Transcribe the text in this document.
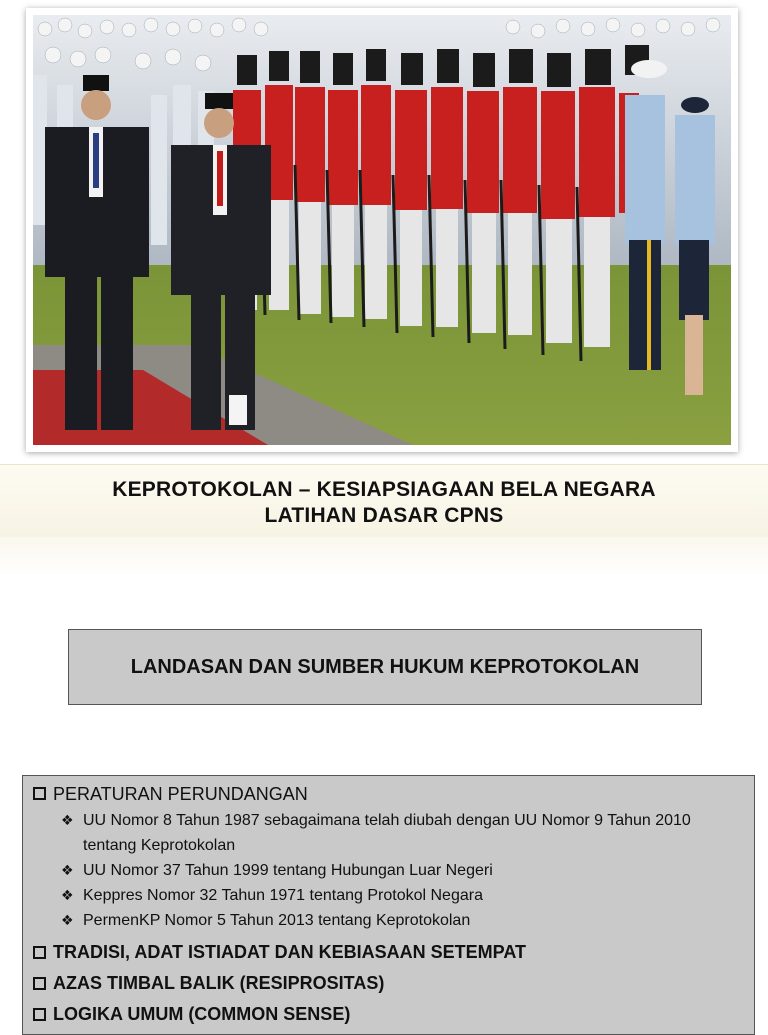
KEPROTOKOLAN – KESIAPSIAGAAN BELA NEGARA
LATIHAN DASAR CPNS
LANDASAN DAN SUMBER HUKUM KEPROTOKOLAN
PERATURAN PERUNDANGAN
❖ UU Nomor 8 Tahun 1987 sebagaimana telah diubah dengan UU Nomor 9 Tahun 2010 tentang Keprotokolan
❖ UU Nomor 37 Tahun 1999 tentang Hubungan Luar Negeri
❖ Keppres Nomor 32 Tahun 1971 tentang Protokol Negara
❖ PermenKP Nomor 5 Tahun 2013 tentang Keprotokolan
TRADISI, ADAT ISTIADAT DAN KEBIASAAN SETEMPAT
AZAS TIMBAL BALIK (RESIPROSITAS)
LOGIKA UMUM (COMMON SENSE)
